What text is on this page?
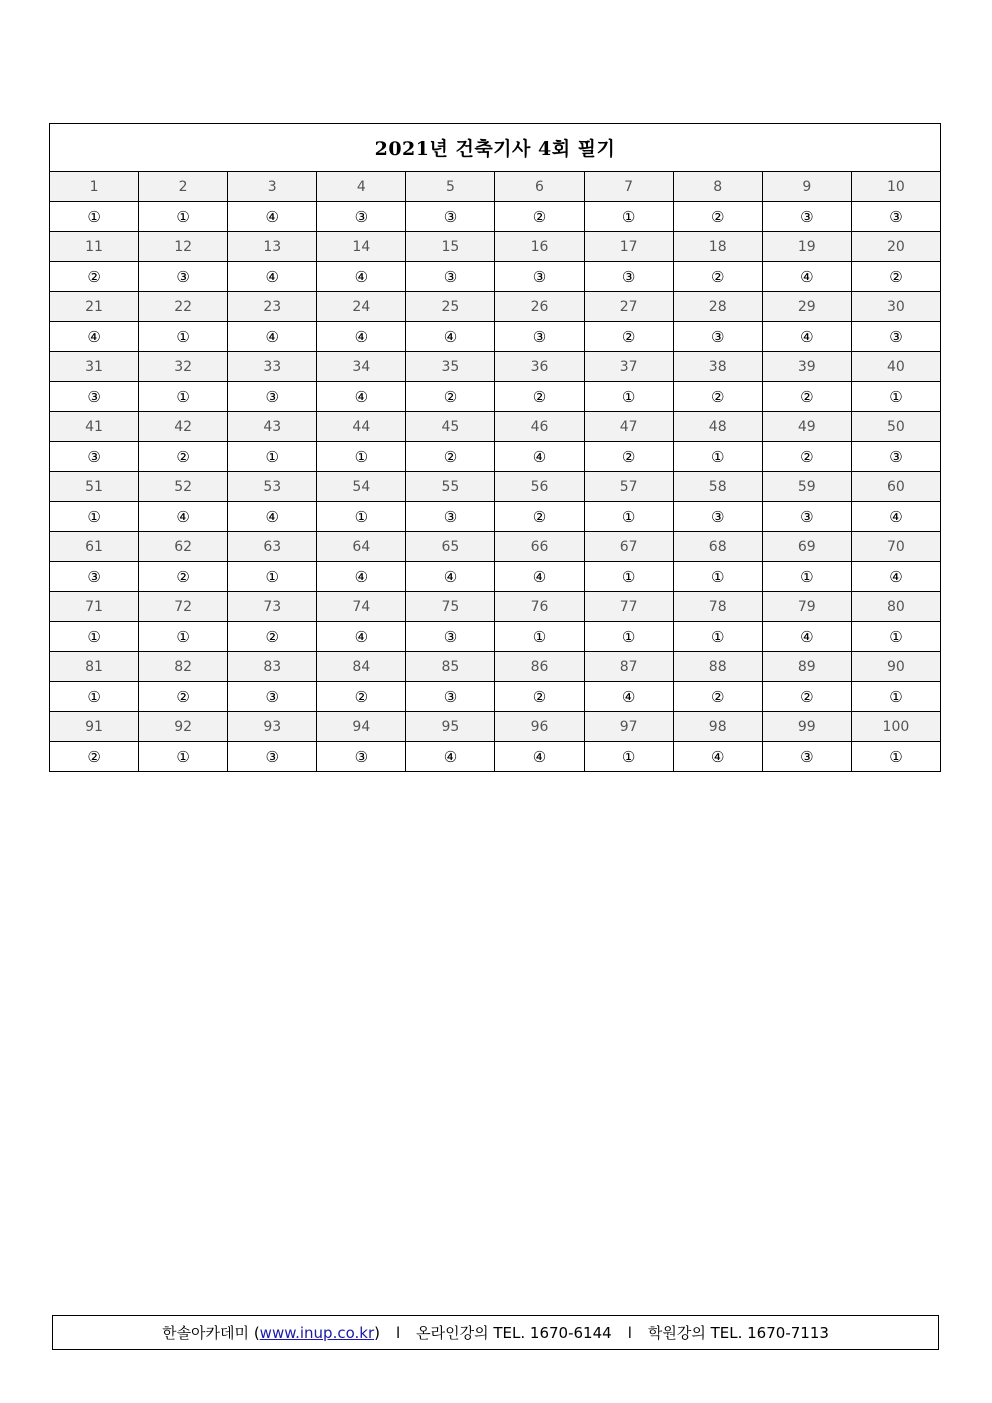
2021년 건축기사 4회 필기									
1	2	3	4	5	6	7	8	9	10
①	①	④	③	③	②	①	②	③	③
11	12	13	14	15	16	17	18	19	20
②	③	④	④	③	③	③	②	④	②
21	22	23	24	25	26	27	28	29	30
④	①	④	④	④	③	②	③	④	③
31	32	33	34	35	36	37	38	39	40
③	①	③	④	②	②	①	②	②	①
41	42	43	44	45	46	47	48	49	50
③	②	①	①	②	④	②	①	②	③
51	52	53	54	55	56	57	58	59	60
①	④	④	①	③	②	①	③	③	④
61	62	63	64	65	66	67	68	69	70
③	②	①	④	④	④	①	①	①	④
71	72	73	74	75	76	77	78	79	80
①	①	②	④	③	①	①	①	④	①
81	82	83	84	85	86	87	88	89	90
①	②	③	②	③	②	④	②	②	①
91	92	93	94	95	96	97	98	99	100
②	①	③	③	④	④	①	④	③	①
한솔아카데미
( www.inup.co.kr ) l 온라인강의
TEL. 1670-6144 l 학원강의
TEL. 1670-7113
